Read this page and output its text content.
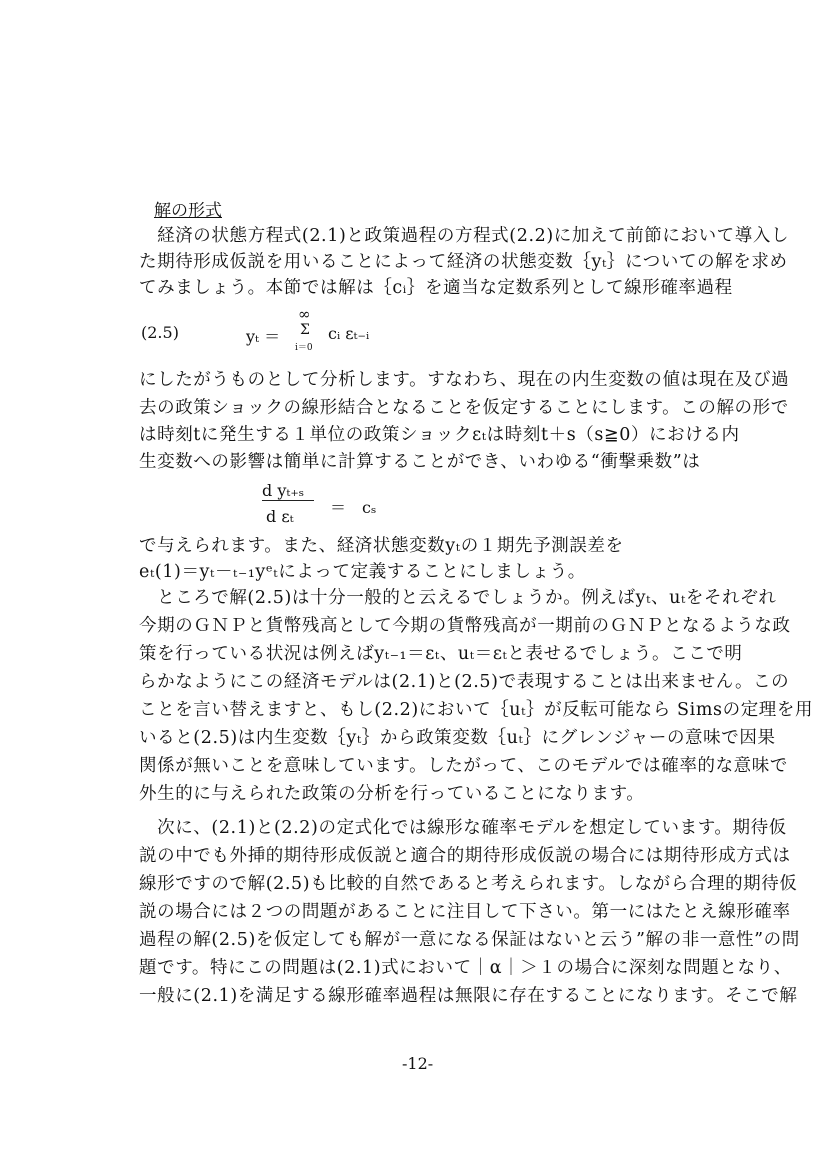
解の形式
　経済の状態方程式(2.1)と政策過程の方程式(2.2)に加えて前節において導入し
た期待形成仮説を用いることによって経済の状態変数｛yₜ｝についての解を求め
てみましょう。本節では解は｛cᵢ｝を適当な定数系列として線形確率過程
(2.5)	yₜ ＝
∞
Σ
i＝0
cᵢ εₜ₋ᵢ
にしたがうものとして分析します。すなわち、現在の内生変数の値は現在及び過
去の政策ショックの線形結合となることを仮定することにします。この解の形で
は時刻tに発生する１単位の政策ショックεₜは時刻t＋s（s≧0）における内
生変数への影響は簡単に計算することができ、いわゆる“衝撃乗数”は
d yₜ₊ₛ
d εₜ ＝　cₛ
で与えられます。また、経済状態変数yₜの１期先予測誤差を
eₜ(1)＝yₜ－ₜ₋₁yᵉₜによって定義することにしましょう。
　ところで解(2.5)は十分一般的と云えるでしょうか。例えばyₜ、uₜをそれぞれ
今期のＧＮＰと貨幣残高として今期の貨幣残高が一期前のＧＮＰとなるような政
策を行っている状況は例えばyₜ₋₁＝εₜ、uₜ＝εₜと表せるでしょう。ここで明
らかなようにこの経済モデルは(2.1)と(2.5)で表現することは出来ません。この
ことを言い替えますと、もし(2.2)において｛uₜ｝が反転可能なら Simsの定理を用
いると(2.5)は内生変数｛yₜ｝から政策変数｛uₜ｝にグレンジャーの意味で因果
関係が無いことを意味しています。したがって、このモデルでは確率的な意味で
外生的に与えられた政策の分析を行っていることになります。
　次に、(2.1)と(2.2)の定式化では線形な確率モデルを想定しています。期待仮
説の中でも外挿的期待形成仮説と適合的期待形成仮説の場合には期待形成方式は
線形ですので解(2.5)も比較的自然であると考えられます。しながら合理的期待仮
説の場合には２つの問題があることに注目して下さい。第一にはたとえ線形確率
過程の解(2.5)を仮定しても解が一意になる保証はないと云う”解の非一意性”の問
題です。特にこの問題は(2.1)式において｜α｜＞１の場合に深刻な問題となり、
一般に(2.1)を満足する線形確率過程は無限に存在することになります。そこで解
-12-
